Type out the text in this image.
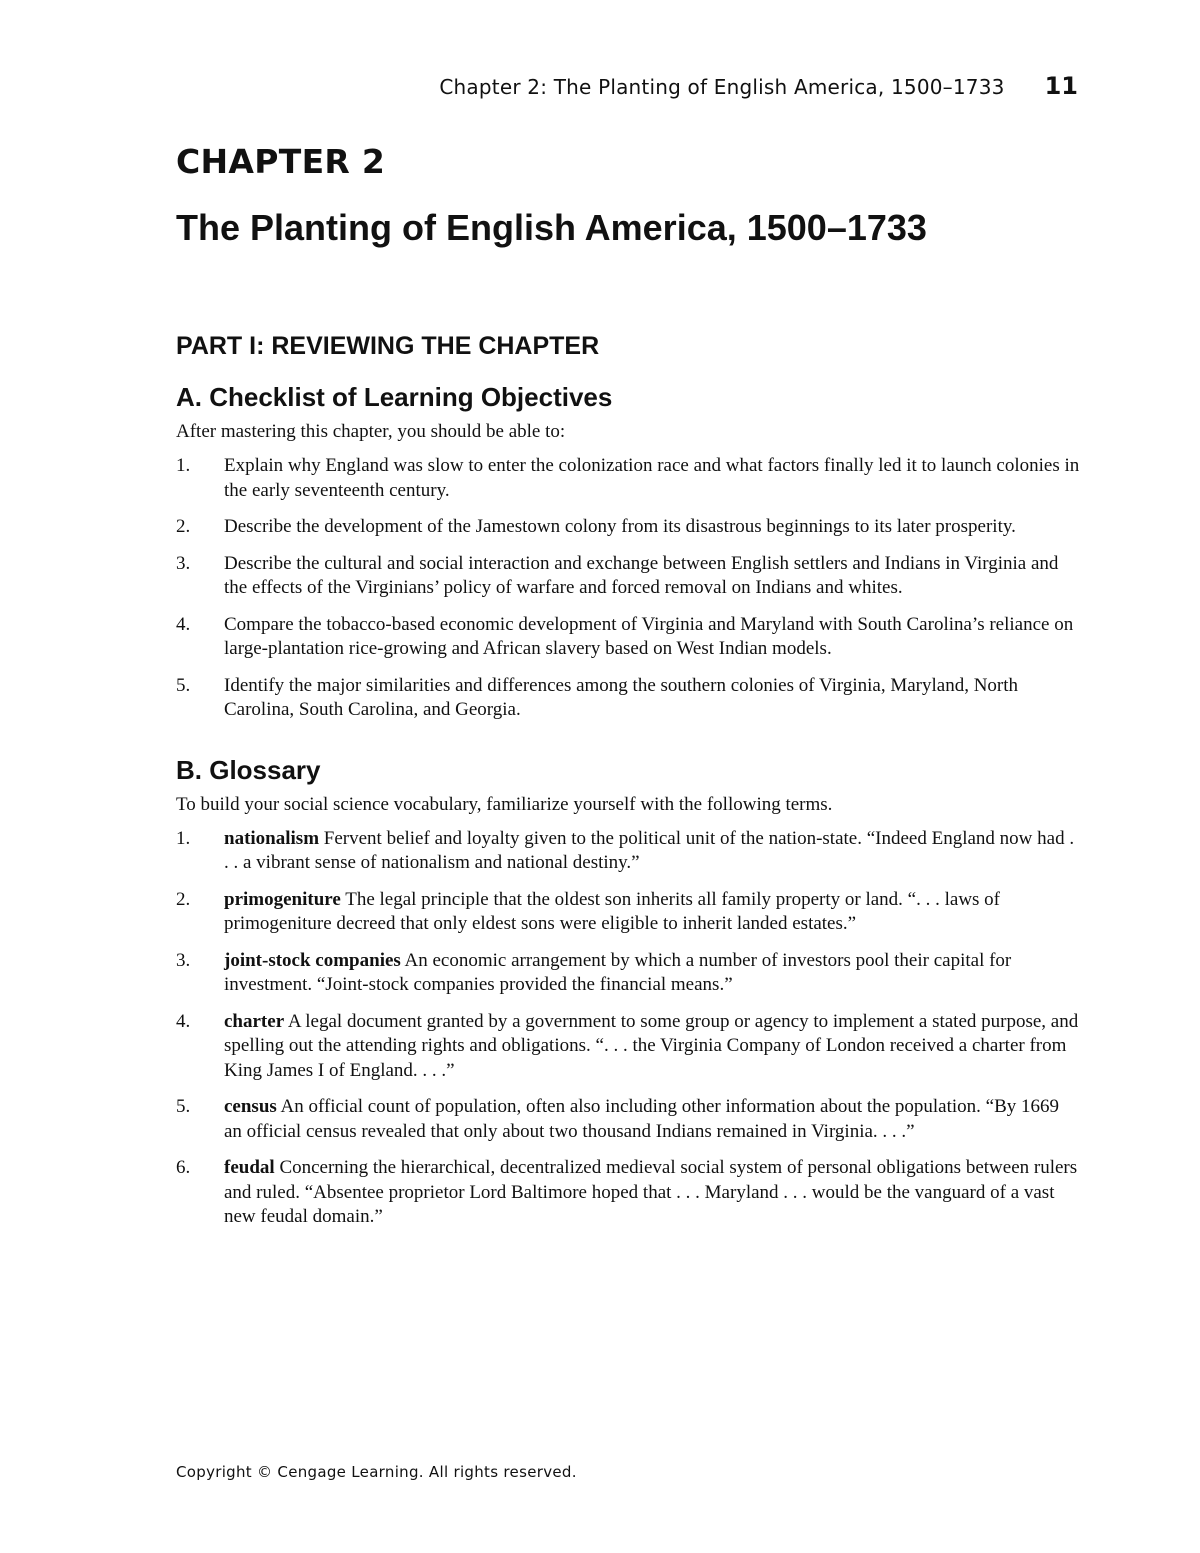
Chapter 2: The Planting of English America, 1500–1733 11
CHAPTER 2
The Planting of English America, 1500–1733
PART I: REVIEWING THE CHAPTER
A. Checklist of Learning Objectives

After mastering this chapter, you should be able to:

1.	Explain why England was slow to enter the colonization race and what factors finally led it to launch colonies in the early seventeenth century.
2.	Describe the development of the Jamestown colony from its disastrous beginnings to its later prosperity.
3.	Describe the cultural and social interaction and exchange between English settlers and Indians in Virginia and the effects of the Virginians’ policy of warfare and forced removal on Indians and whites.
4.	Compare the tobacco-based economic development of Virginia and Maryland with South Carolina’s reliance on large-plantation rice-growing and African slavery based on West Indian models.
5.	Identify the major similarities and differences among the southern colonies of Virginia, Maryland, North Carolina, South Carolina, and Georgia.
B. Glossary

To build your social science vocabulary, familiarize yourself with the following terms.

1.	nationalism Fervent belief and loyalty given to the political unit of the nation-state. “Indeed England now had . . . a vibrant sense of nationalism and national destiny.”
2.	primogeniture The legal principle that the oldest son inherits all family property or land. “. . . laws of primogeniture decreed that only eldest sons were eligible to inherit landed estates.”
3.	joint-stock companies An economic arrangement by which a number of investors pool their capital for investment. “Joint-stock companies provided the financial means.”
4.	charter A legal document granted by a government to some group or agency to implement a stated purpose, and spelling out the attending rights and obligations. “. . . the Virginia Company of London received a charter from King James I of England. . . .”
5.	census An official count of population, often also including other information about the population. “By 1669 an official census revealed that only about two thousand Indians remained in Virginia. . . .”
6.	feudal Concerning the hierarchical, decentralized medieval social system of personal obligations between rulers and ruled. “Absentee proprietor Lord Baltimore hoped that . . . Maryland . . . would be the vanguard of a vast new feudal domain.”
Copyright © Cengage Learning. All rights reserved.
